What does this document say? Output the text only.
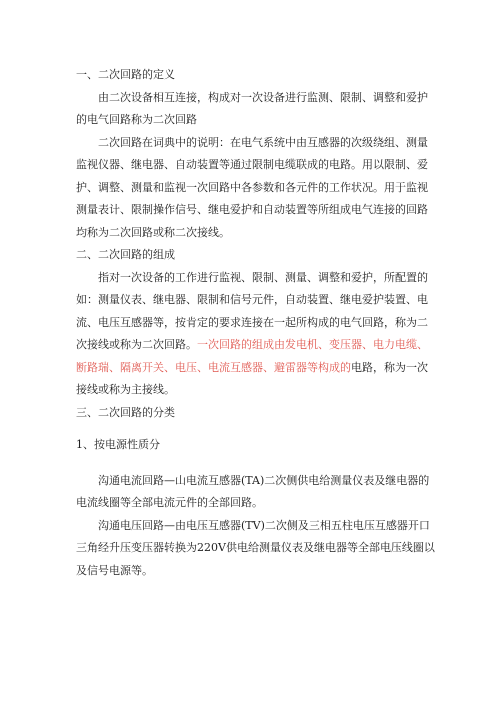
一、二次回路的定义
由二次设备相互连接，构成对一次设备进行监测、限制、调整和爱护
的电气回路称为二次回路
二次回路在词典中的说明：在电气系统中由互感器的次级绕组、测量
监视仪器、继电器、自动装置等通过限制电缆联成的电路。用以限制、爱
护、调整、测量和监视一次回路中各参数和各元件的工作状况。用于监视
测量表计、限制操作信号、继电爱护和自动装置等所组成电气连接的回路
均称为二次回路或称二次接线。
二、二次回路的组成
指对一次设备的工作进行监视、限制、测量、调整和爱护，所配置的
如：测量仪表、继电器、限制和信号元件，自动装置、继电爱护装置、电
流、电压互感器等，按肯定的要求连接在一起所构成的电气回路，称为二
次接线或称为二次回路。一次回路的组成由发电机、变压器、电力电缆、
断路瑞、隔离开关、电压、电流互感器、避雷器等构成的电路，称为一次
接线或称为主接线。
三、二次回路的分类
1、按电源性质分
沟通电流回路—山电流互感器(TA)二次侧供电给测量仪表及继电器的
电流线圈等全部电流元件的全部回路。
沟通电压回路—由电压互感器(TV)二次侧及三相五柱电压互感器开口
三角经升压变压器转换为220V供电给测量仪表及继电器等全部电压线圈以
及信号电源等。
